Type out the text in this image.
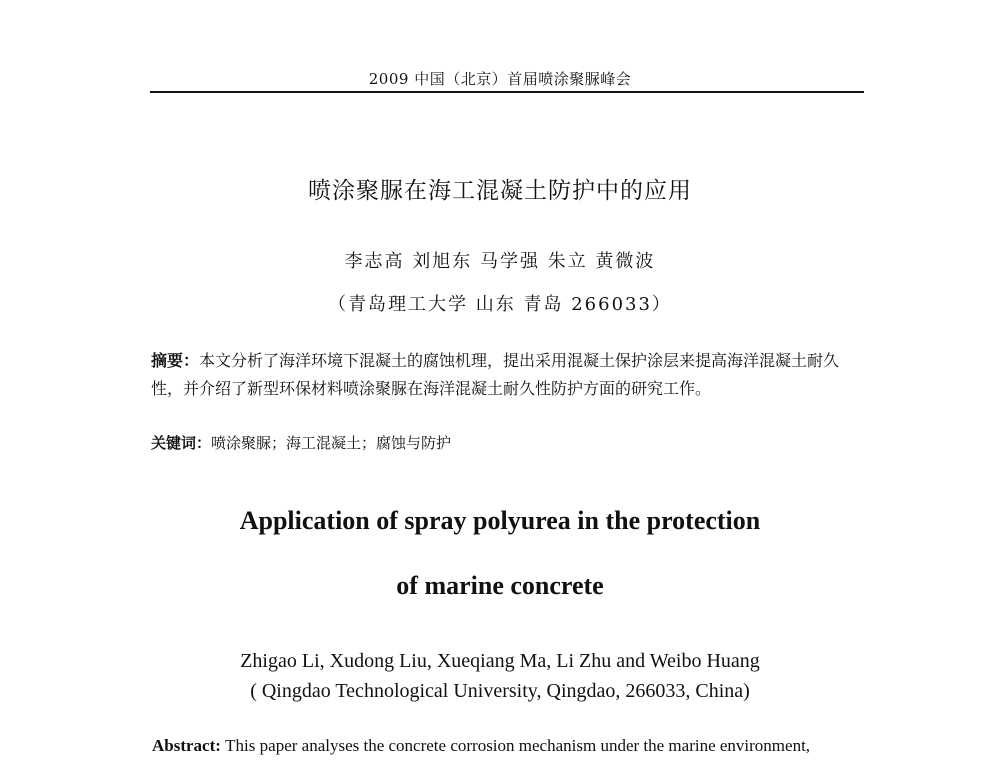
2009 中国（北京）首届喷涂聚脲峰会
喷涂聚脲在海工混凝土防护中的应用
李志高 刘旭东 马学强 朱立 黄微波
（青岛理工大学 山东 青岛 266033）
摘要：本文分析了海洋环境下混凝土的腐蚀机理，提出采用混凝土保护涂层来提高海洋混凝土耐久性，并介绍了新型环保材料喷涂聚脲在海洋混凝土耐久性防护方面的研究工作。
关键词：喷涂聚脲；海工混凝土；腐蚀与防护
Application of spray polyurea in the protection
of marine concrete
Zhigao Li, Xudong Liu, Xueqiang Ma, Li Zhu and Weibo Huang
( Qingdao Technological University, Qingdao, 266033, China)
Abstract: This paper analyses the concrete corrosion mechanism under the marine environment,
